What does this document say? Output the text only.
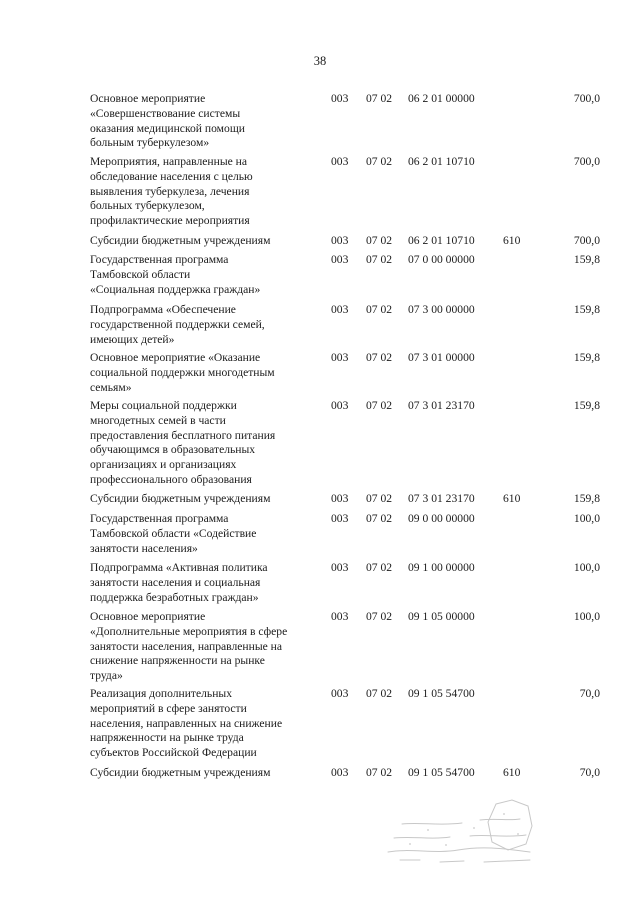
38
Основное мероприятие
«Совершенствование системы
оказания медицинской помощи
больным туберкулезом»
003 07 02 06 2 01 00000	700,0
Мероприятия, направленные на
обследование населения с целью
выявления туберкулеза, лечения
больных туберкулезом,
профилактические мероприятия
003 07 02 06 2 01 10710	700,0
Субсидии бюджетным учреждениям	003 07 02 06 2 01 10710 610	700,0
Государственная программа
Тамбовской области
«Социальная поддержка граждан»
003 07 02 07 0 00 00000	159,8
Подпрограмма «Обеспечение
государственной поддержки семей,
имеющих детей»
003 07 02 07 3 00 00000	159,8
Основное мероприятие «Оказание
социальной поддержки многодетным
семьям»
003 07 02 07 3 01 00000	159,8
Меры социальной поддержки
многодетных семей в части
предоставления бесплатного питания
обучающимся в образовательных
организациях и организациях
профессионального образования
003 07 02 07 3 01 23170	159,8
Субсидии бюджетным учреждениям	003 07 02 07 3 01 23170 610	159,8
Государственная программа
Тамбовской области «Содействие
занятости населения»
003 07 02 09 0 00 00000	100,0
Подпрограмма «Активная политика
занятости населения и социальная
поддержка безработных граждан»
003 07 02 09 1 00 00000	100,0
Основное мероприятие
«Дополнительные мероприятия в сфере
занятости населения, направленные на
снижение напряженности на рынке
труда»
003 07 02 09 1 05 00000	100,0
Реализация дополнительных
мероприятий в сфере занятости
населения, направленных на снижение
напряженности на рынке труда
субъектов Российской Федерации
003 07 02 09 1 05 54700	70,0
Субсидии бюджетным учреждениям	003 07 02 09 1 05 54700 610	70,0
